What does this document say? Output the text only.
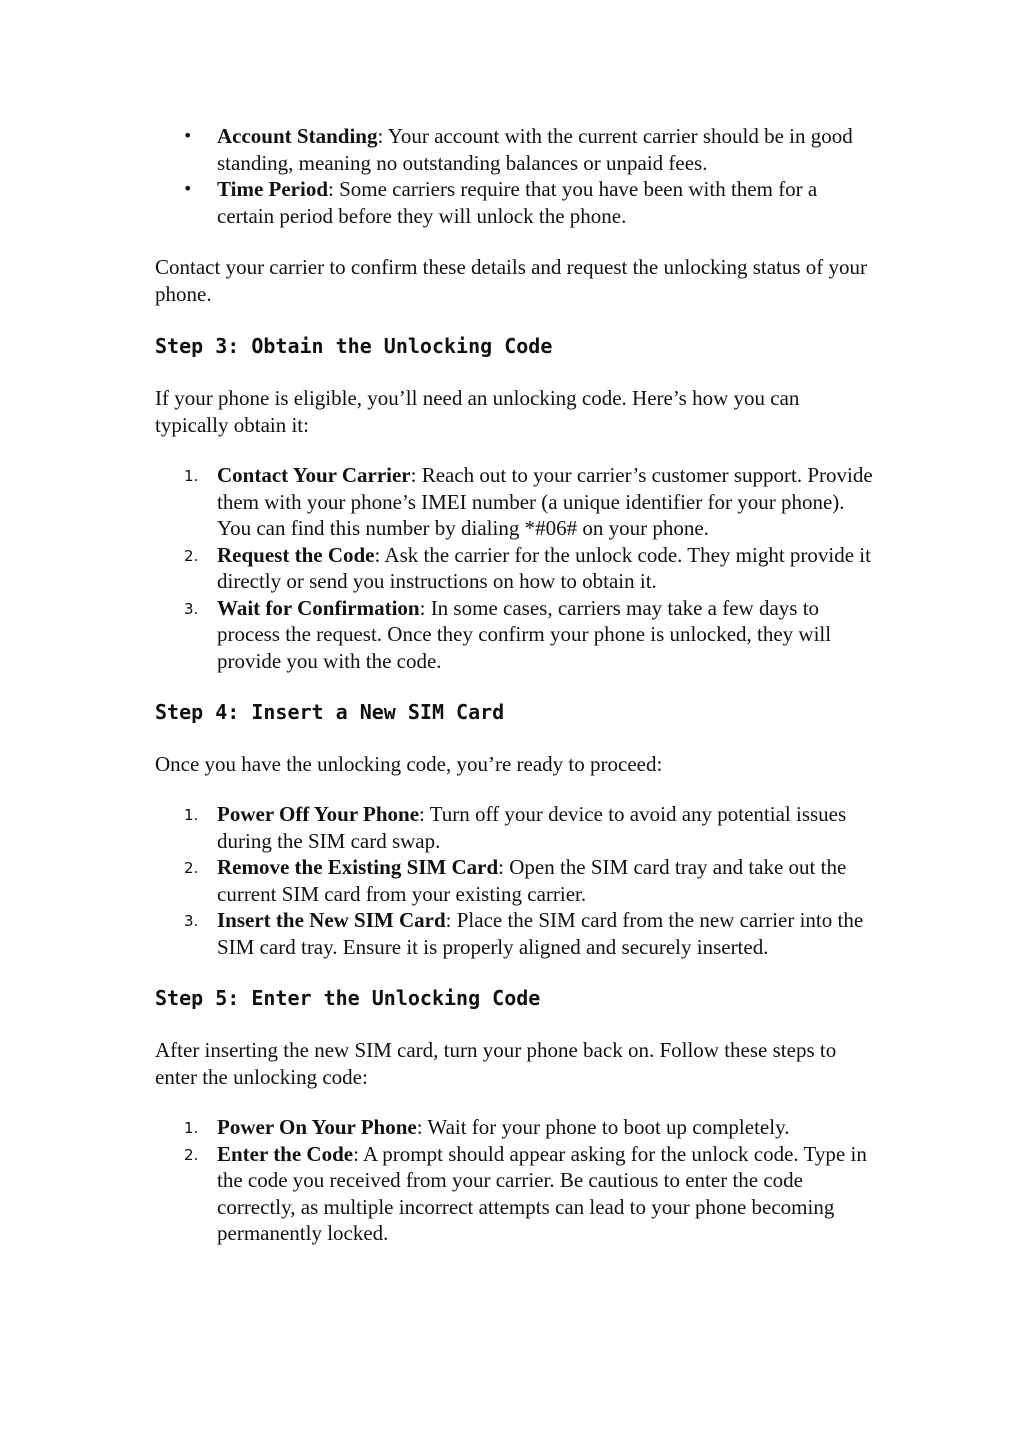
• Account Standing: Your account with the current carrier should be in good standing, meaning no outstanding balances or unpaid fees.
• Time Period: Some carriers require that you have been with them for a certain period before they will unlock the phone.

Contact your carrier to confirm these details and request the unlocking status of your phone.

Step 3: Obtain the Unlocking Code

If your phone is eligible, you’ll need an unlocking code. Here’s how you can typically obtain it:

1. Contact Your Carrier: Reach out to your carrier’s customer support. Provide them with your phone’s IMEI number (a unique identifier for your phone). You can find this number by dialing *#06# on your phone.
2. Request the Code: Ask the carrier for the unlock code. They might provide it directly or send you instructions on how to obtain it.
3. Wait for Confirmation: In some cases, carriers may take a few days to process the request. Once they confirm your phone is unlocked, they will provide you with the code.
Step 4: Insert a New SIM Card

Once you have the unlocking code, you’re ready to proceed:

1. Power Off Your Phone: Turn off your device to avoid any potential issues during the SIM card swap.
2. Remove the Existing SIM Card: Open the SIM card tray and take out the current SIM card from your existing carrier.
3. Insert the New SIM Card: Place the SIM card from the new carrier into the SIM card tray. Ensure it is properly aligned and securely inserted.
Step 5: Enter the Unlocking Code

After inserting the new SIM card, turn your phone back on. Follow these steps to enter the unlocking code:

1. Power On Your Phone: Wait for your phone to boot up completely.
2. Enter the Code: A prompt should appear asking for the unlock code. Type in the code you received from your carrier. Be cautious to enter the code correctly, as multiple incorrect attempts can lead to your phone becoming permanently locked.
